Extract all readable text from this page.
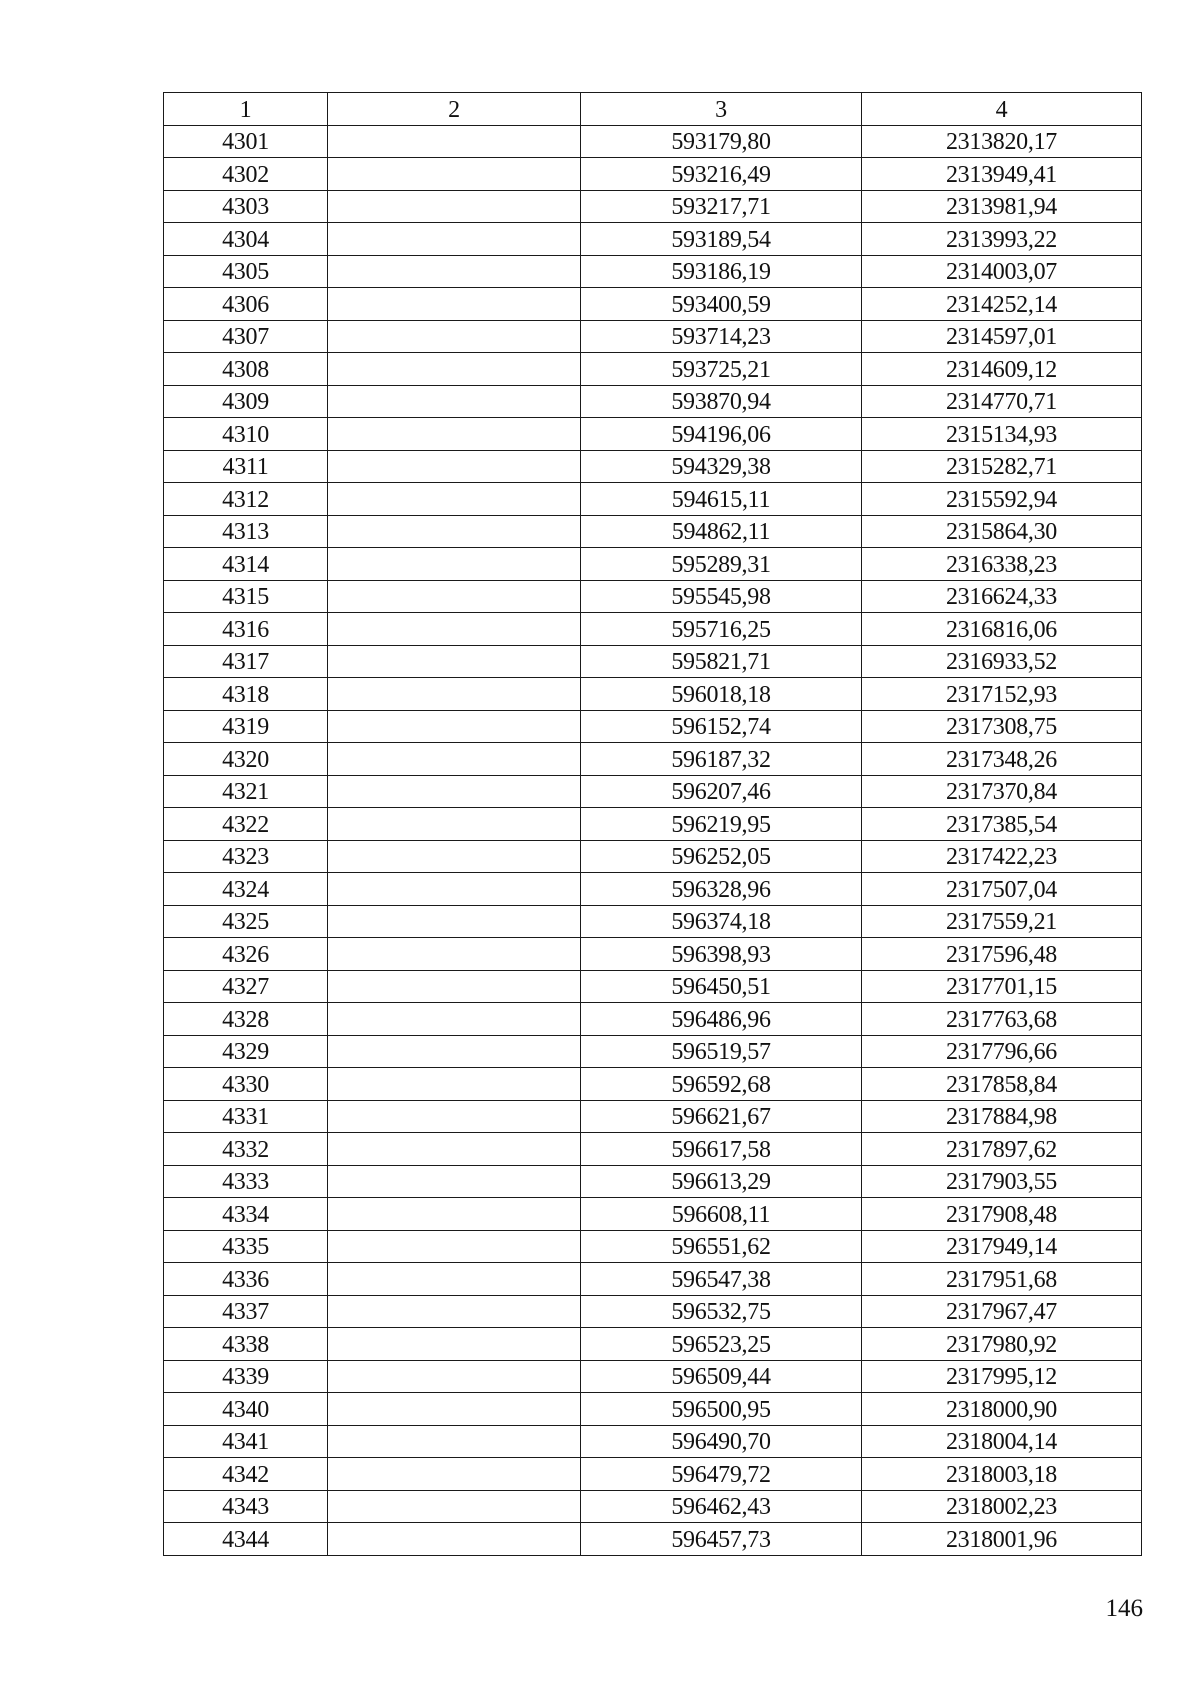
1	2	3	4
4301		593179,80	2313820,17
4302		593216,49	2313949,41
4303		593217,71	2313981,94
4304		593189,54	2313993,22
4305		593186,19	2314003,07
4306		593400,59	2314252,14
4307		593714,23	2314597,01
4308		593725,21	2314609,12
4309		593870,94	2314770,71
4310		594196,06	2315134,93
4311		594329,38	2315282,71
4312		594615,11	2315592,94
4313		594862,11	2315864,30
4314		595289,31	2316338,23
4315		595545,98	2316624,33
4316		595716,25	2316816,06
4317		595821,71	2316933,52
4318		596018,18	2317152,93
4319		596152,74	2317308,75
4320		596187,32	2317348,26
4321		596207,46	2317370,84
4322		596219,95	2317385,54
4323		596252,05	2317422,23
4324		596328,96	2317507,04
4325		596374,18	2317559,21
4326		596398,93	2317596,48
4327		596450,51	2317701,15
4328		596486,96	2317763,68
4329		596519,57	2317796,66
4330		596592,68	2317858,84
4331		596621,67	2317884,98
4332		596617,58	2317897,62
4333		596613,29	2317903,55
4334		596608,11	2317908,48
4335		596551,62	2317949,14
4336		596547,38	2317951,68
4337		596532,75	2317967,47
4338		596523,25	2317980,92
4339		596509,44	2317995,12
4340		596500,95	2318000,90
4341		596490,70	2318004,14
4342		596479,72	2318003,18
4343		596462,43	2318002,23
4344		596457,73	2318001,96
146
